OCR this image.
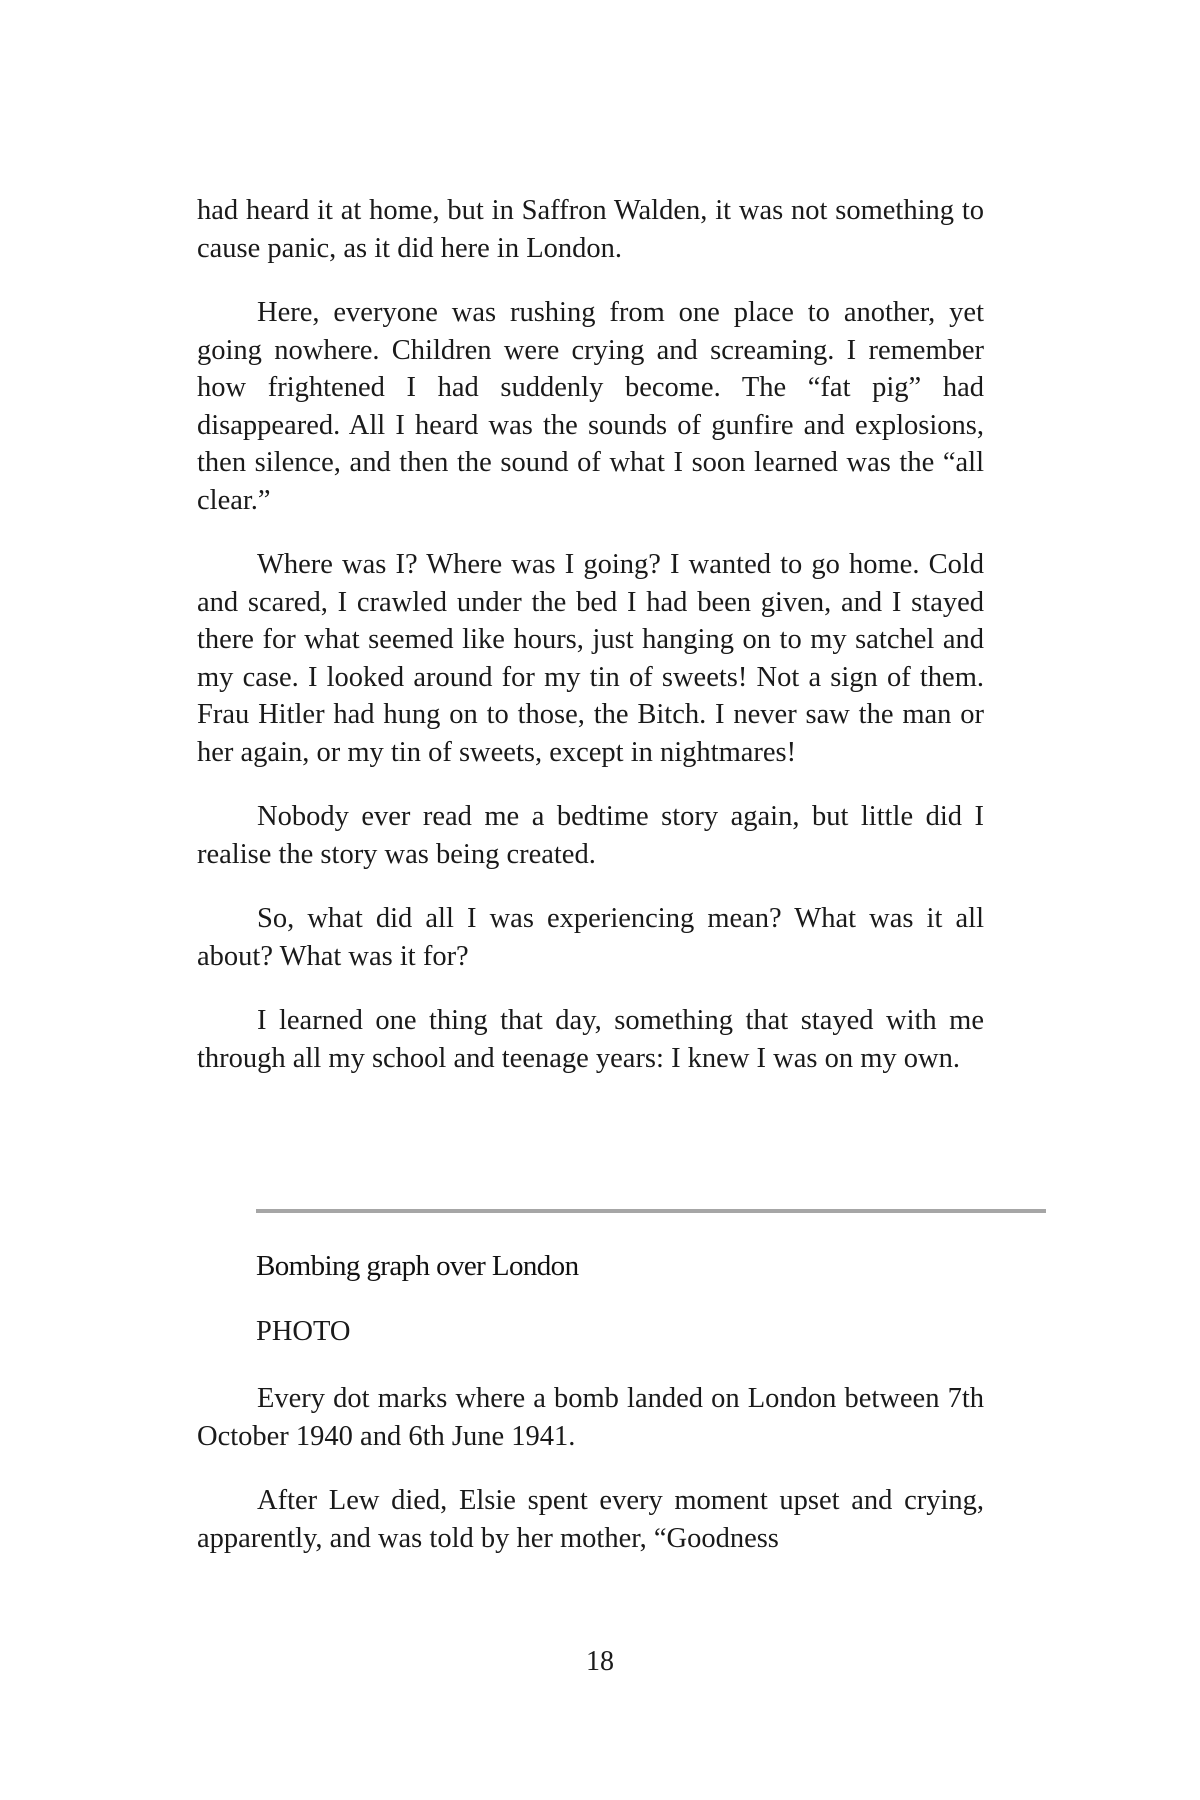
had heard it at home, but in Saffron Walden, it was not something to cause panic, as it did here in London.

Here, everyone was rushing from one place to another, yet going nowhere. Children were crying and screaming. I remember how frightened I had suddenly become. The “fat pig” had disappeared. All I heard was the sounds of gunfire and explosions, then silence, and then the sound of what I soon learned was the “all clear.”

Where was I? Where was I going? I wanted to go home. Cold and scared, I crawled under the bed I had been given, and I stayed there for what seemed like hours, just hanging on to my satchel and my case. I looked around for my tin of sweets! Not a sign of them. Frau Hitler had hung on to those, the Bitch. I never saw the man or her again, or my tin of sweets, except in nightmares!

Nobody ever read me a bedtime story again, but little did I realise the story was being created.

So, what did all I was experiencing mean? What was it all about? What was it for?

I learned one thing that day, something that stayed with me through all my school and teenage years: I knew I was on my own.

Bombing graph over London

PHOTO

Every dot marks where a bomb landed on London between 7th October 1940 and 6th June 1941.

After Lew died, Elsie spent every moment upset and crying, apparently, and was told by her mother, “Goodness

18
